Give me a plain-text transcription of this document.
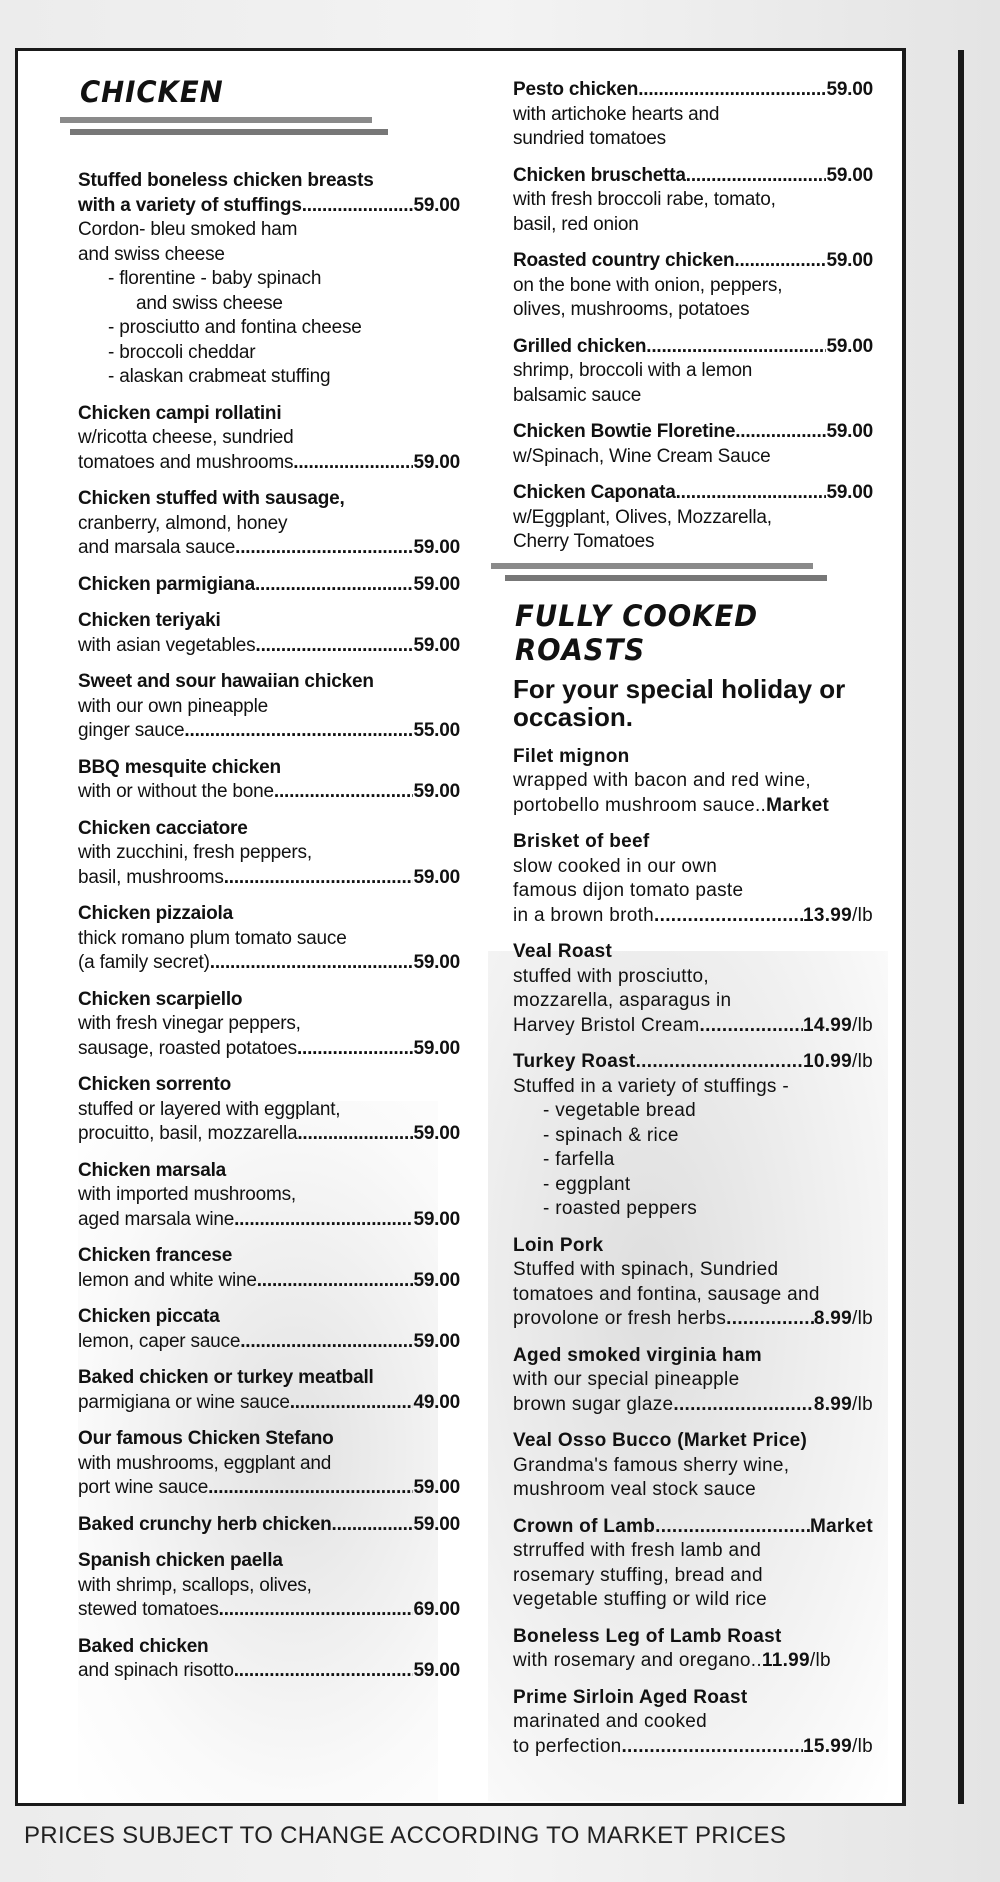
CHICKEN
Stuffed boneless chicken breasts
with a variety of stuffings .....	59.00
Cordon- bleu smoked ham
and swiss cheese
- florentine - baby spinach
and swiss cheese
- prosciutto and fontina cheese
- broccoli cheddar
- alaskan crabmeat stuffing
Chicken campi rollatini
w/ricotta cheese, sundried
tomatoes and mushrooms .....	59.00
Chicken stuffed with sausage,
cranberry, almond, honey
and marsala sauce .....	59.00
Chicken parmigiana .....	59.00
Chicken teriyaki
with asian vegetables .....	59.00
Sweet and sour hawaiian chicken
with our own pineapple
ginger sauce .....	55.00
BBQ mesquite chicken
with or without the bone .....	59.00
Chicken cacciatore
with zucchini, fresh peppers,
basil, mushrooms .....	59.00
Chicken pizzaiola
thick romano plum tomato sauce
(a family secret) .....	59.00
Chicken scarpiello
with fresh vinegar peppers,
sausage, roasted potatoes .....	59.00
Chicken sorrento
stuffed or layered with eggplant,
procuitto, basil, mozzarella .....	59.00
Chicken marsala
with imported mushrooms,
aged marsala wine .....	59.00
Chicken francese
lemon and white wine .....	59.00
Chicken piccata
lemon, caper sauce .....	59.00
Baked chicken or turkey meatball
parmigiana or wine sauce .....	49.00
Our famous Chicken Stefano
with mushrooms, eggplant and
port wine sauce .....	59.00
Baked crunchy herb chicken .....	59.00
Spanish chicken paella
with shrimp, scallops, olives,
stewed tomatoes .....	69.00
Baked chicken
and spinach risotto .....	59.00
Pesto chicken .....	59.00
with artichoke hearts and
sundried tomatoes
Chicken bruschetta .....	59.00
with fresh broccoli rabe, tomato,
basil, red onion
Roasted country chicken .....	59.00
on the bone with onion, peppers,
olives, mushrooms, potatoes
Grilled chicken .....	59.00
shrimp, broccoli with a lemon
balsamic sauce
Chicken Bowtie Floretine .....	59.00
w/Spinach, Wine Cream Sauce
Chicken Caponata .....	59.00
w/Eggplant, Olives, Mozzarella,
Cherry Tomatoes
FULLY COOKED ROASTS
For your special holiday or occasion.
Filet mignon
wrapped with bacon and red wine,
portobello mushroom sauce.. Market
Brisket of beef
slow cooked in our own
famous dijon tomato paste
in a brown broth .....	13.99 /lb
Veal Roast
stuffed with prosciutto,
mozzarella, asparagus in
Harvey Bristol Cream .....	14.99 /lb
Turkey Roast .....	10.99 /lb
Stuffed in a variety of stuffings -
- vegetable bread
- spinach & rice
- farfella
- eggplant
- roasted peppers
Loin Pork
Stuffed with spinach, Sundried
tomatoes and fontina, sausage and
provolone or fresh herbs .....	8.99 /lb
Aged smoked virginia ham
with our special pineapple
brown sugar glaze .....	8.99 /lb
Veal Osso Bucco (Market Price)
Grandma's famous sherry wine,
mushroom veal stock sauce
Crown of Lamb .....	Market
strruffed with fresh lamb and
rosemary stuffing, bread and
vegetable stuffing or wild rice
Boneless Leg of Lamb Roast
with rosemary and oregano.. 11.99 /lb
Prime Sirloin Aged Roast
marinated and cooked
to perfection .....	15.99 /lb
PRICES SUBJECT TO CHANGE ACCORDING TO MARKET PRICES
